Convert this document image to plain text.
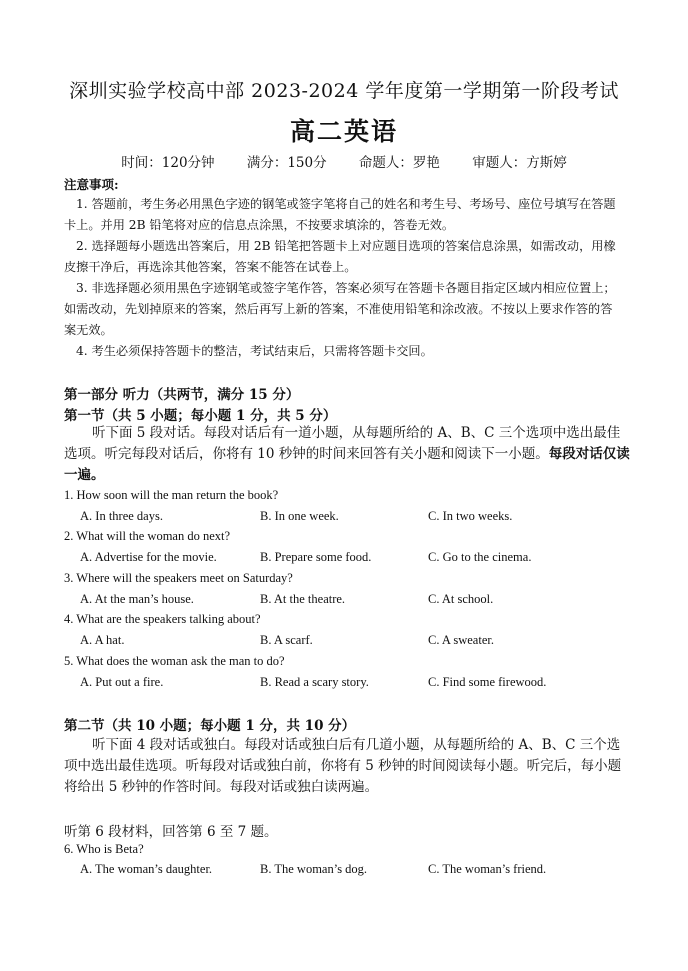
深圳实验学校高中部 2023-2024 学年度第一学期第一阶段考试
高二英语
时间：120分钟 满分：150分 命题人：罗艳 审题人：方斯婷
注意事项:

1. 答题前，考生务必用黑色字迹的钢笔或签字笔将自己的姓名和考生号、考场号、座位号填写在答题卡上。并用 2B 铅笔将对应的信息点涂黑，不按要求填涂的，答卷无效。

2. 选择题每小题选出答案后，用 2B 铅笔把答题卡上对应题目选项的答案信息涂黑，如需改动，用橡皮擦干净后，再选涂其他答案，答案不能答在试卷上。

3. 非选择题必须用黑色字迹钢笔或签字笔作答，答案必须写在答题卡各题目指定区域内相应位置上；如需改动，先划掉原来的答案，然后再写上新的答案，不准使用铅笔和涂改液。不按以上要求作答的答案无效。

4. 考生必须保持答题卡的整洁，考试结束后，只需将答题卡交回。

第一部分 听力（共两节，满分 15 分）
第一节（共 5 小题；每小题 1 分，共 5 分）
听下面 5 段对话。每段对话后有一道小题，从每题所给的 A、B、C 三个选项中选出最佳选项。听完每段对话后，你将有 10 秒钟的时间来回答有关小题和阅读下一小题。每段对话仅读一遍。
1. How soon will the man return the book?
A. In three days.	B. In one week.	C. In two weeks.
2. What will the woman do next?
A. Advertise for the movie.	B. Prepare some food.	C. Go to the cinema.
3. Where will the speakers meet on Saturday?
A. At the man’s house.	B. At the theatre.	C. At school.
4. What are the speakers talking about?
A. A hat.	B. A scarf.	C. A sweater.
5. What does the woman ask the man to do?
A. Put out a fire.	B. Read a scary story.	C. Find some firewood.
第二节（共 10 小题；每小题 1 分，共 10 分）
听下面 4 段对话或独白。每段对话或独白后有几道小题，从每题所给的 A、B、C 三个选项中选出最佳选项。听每段对话或独白前，你将有 5 秒钟的时间阅读每小题。听完后，每小题将给出 5 秒钟的作答时间。每段对话或独白读两遍。
听第 6 段材料，回答第 6 至 7 题。
6. Who is Beta?
A. The woman’s daughter.	B. The woman’s dog.	C. The woman’s friend.
